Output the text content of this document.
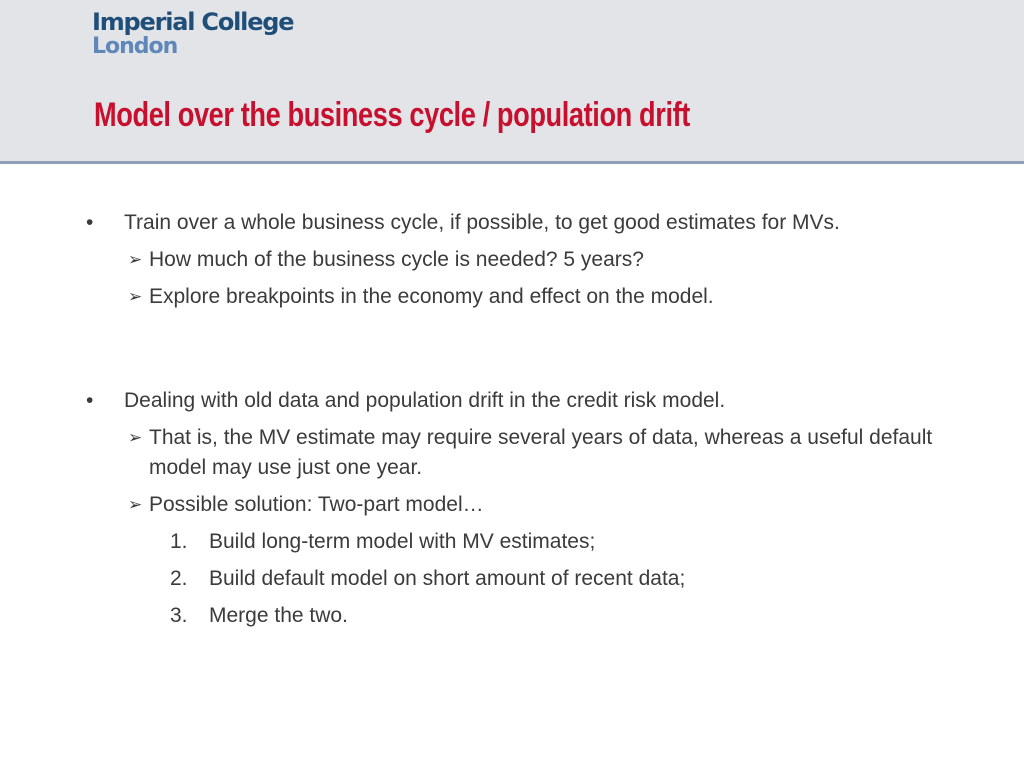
Imperial College
London
Model over the business cycle / population drift
• Train over a whole business cycle, if possible, to get good estimates for MVs.
➢ How much of the business cycle is needed? 5 years?
➢ Explore breakpoints in the economy and effect on the model.
• Dealing with old data and population drift in the credit risk model.
➢ That is, the MV estimate may require several years of data, whereas a useful default model may use just one year.
➢ Possible solution: Two-part model…
1. Build long-term model with MV estimates;
2. Build default model on short amount of recent data;
3. Merge the two.
